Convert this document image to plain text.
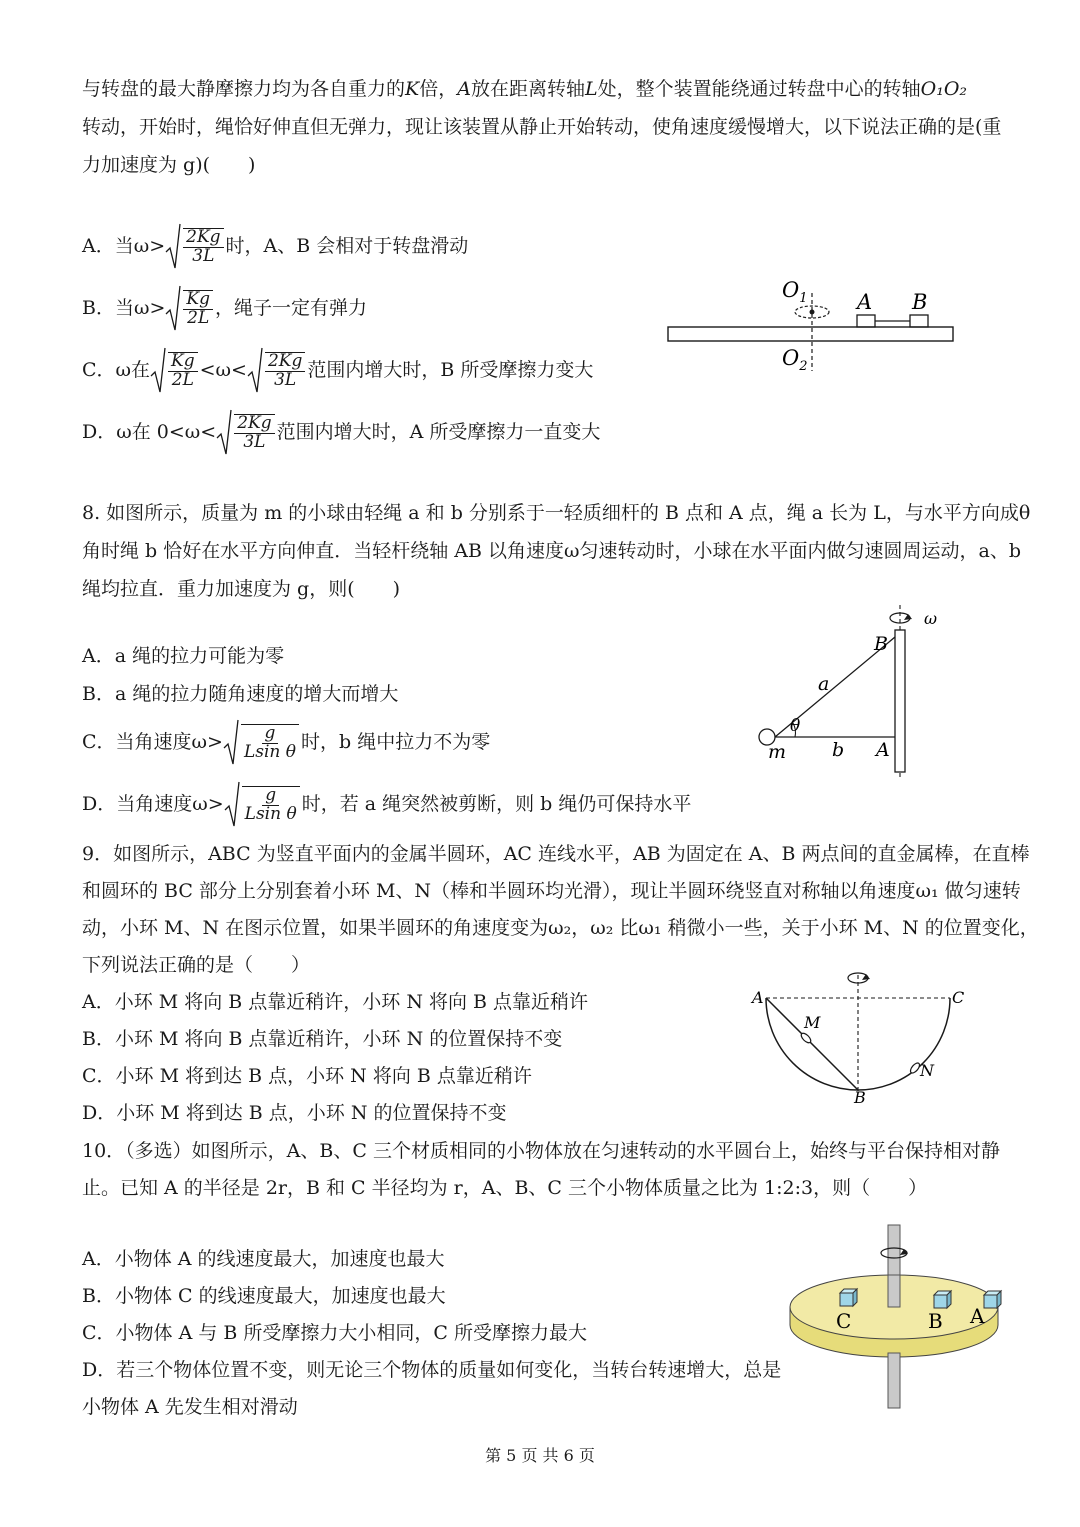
与转盘的最大静摩擦力均为各自重力的K倍，A放在距离转轴L处，整个装置能绕通过转盘中心的转轴O₁O₂
转动，开始时，绳恰好伸直但无弹力，现让该装置从静止开始转动，使角速度缓慢增大，以下说法正确的是(重
力加速度为 g)(　　)
A．当$\omega> \frac{2Kg}{3L}$ 时，A、B 会相对于转盘滑动
B．当$\omega> \frac{Kg}{2L}$ ，绳子一定有弹力
C．ω在 $\frac{Kg}{2L} <\omega< \frac{2Kg}{3L}$ 范围内增大时，B 所受摩擦力变大
D．ω在 $0<\omega< \frac{2Kg}{3L}$ 范围内增大时，A 所受摩擦力一直变大
$O_1$
$O_2$
A B
8. 如图所示，质量为 m 的小球由轻绳 a 和 b 分别系于一轻质细杆的 B 点和 A 点，绳 a 长为 L，与水平方向成θ
角时绳 b 恰好在水平方向伸直．当轻杆绕轴 AB 以角速度ω匀速转动时，小球在水平面内做匀速圆周运动，a、b
绳均拉直．重力加速度为 g，则(　　)
A．a 绳的拉力可能为零
B．a 绳的拉力随角速度的增大而增大
C．当角速度$\omega> \frac{g}{\text{Lsin θ}}$ 时，b 绳中拉力不为零
D．当角速度$\omega> \frac{g}{\text{Lsin θ}}$ 时，若 a 绳突然被剪断，则 b 绳仍可保持水平
ω
B
a
θ
m b A
9．如图所示，ABC 为竖直平面内的金属半圆环，AC 连线水平，AB 为固定在 A、B 两点间的直金属棒，在直棒
和圆环的 BC 部分上分别套着小环 M、N（棒和半圆环均光滑），现让半圆环绕竖直对称轴以角速度ω₁ 做匀速转
动，小环 M、N 在图示位置，如果半圆环的角速度变为ω₂，ω₂ 比ω₁ 稍微小一些，关于小环 M、N 的位置变化，
下列说法正确的是（　　）
A．小环 M 将向 B 点靠近稍许，小环 N 将向 B 点靠近稍许
B．小环 M 将向 B 点靠近稍许，小环 N 的位置保持不变
C．小环 M 将到达 B 点，小环 N 将向 B 点靠近稍许
D．小环 M 将到达 B 点，小环 N 的位置保持不变
A	C
M
N
B
10．（多选）如图所示，A、B、C 三个材质相同的小物体放在匀速转动的水平圆台上，始终与平台保持相对静
止。已知 A 的半径是 2r，B 和 C 半径均为 r，A、B、C 三个小物体质量之比为 1:2:3，则（　　）
A．小物体 A 的线速度最大，加速度也最大
B．小物体 C 的线速度最大，加速度也最大
C．小物体 A 与 B 所受摩擦力大小相同，C 所受摩擦力最大
D．若三个物体位置不变，则无论三个物体的质量如何变化，当转台转速增大，总是
小物体 A 先发生相对滑动
C	B A
第 5 页 共 6 页
